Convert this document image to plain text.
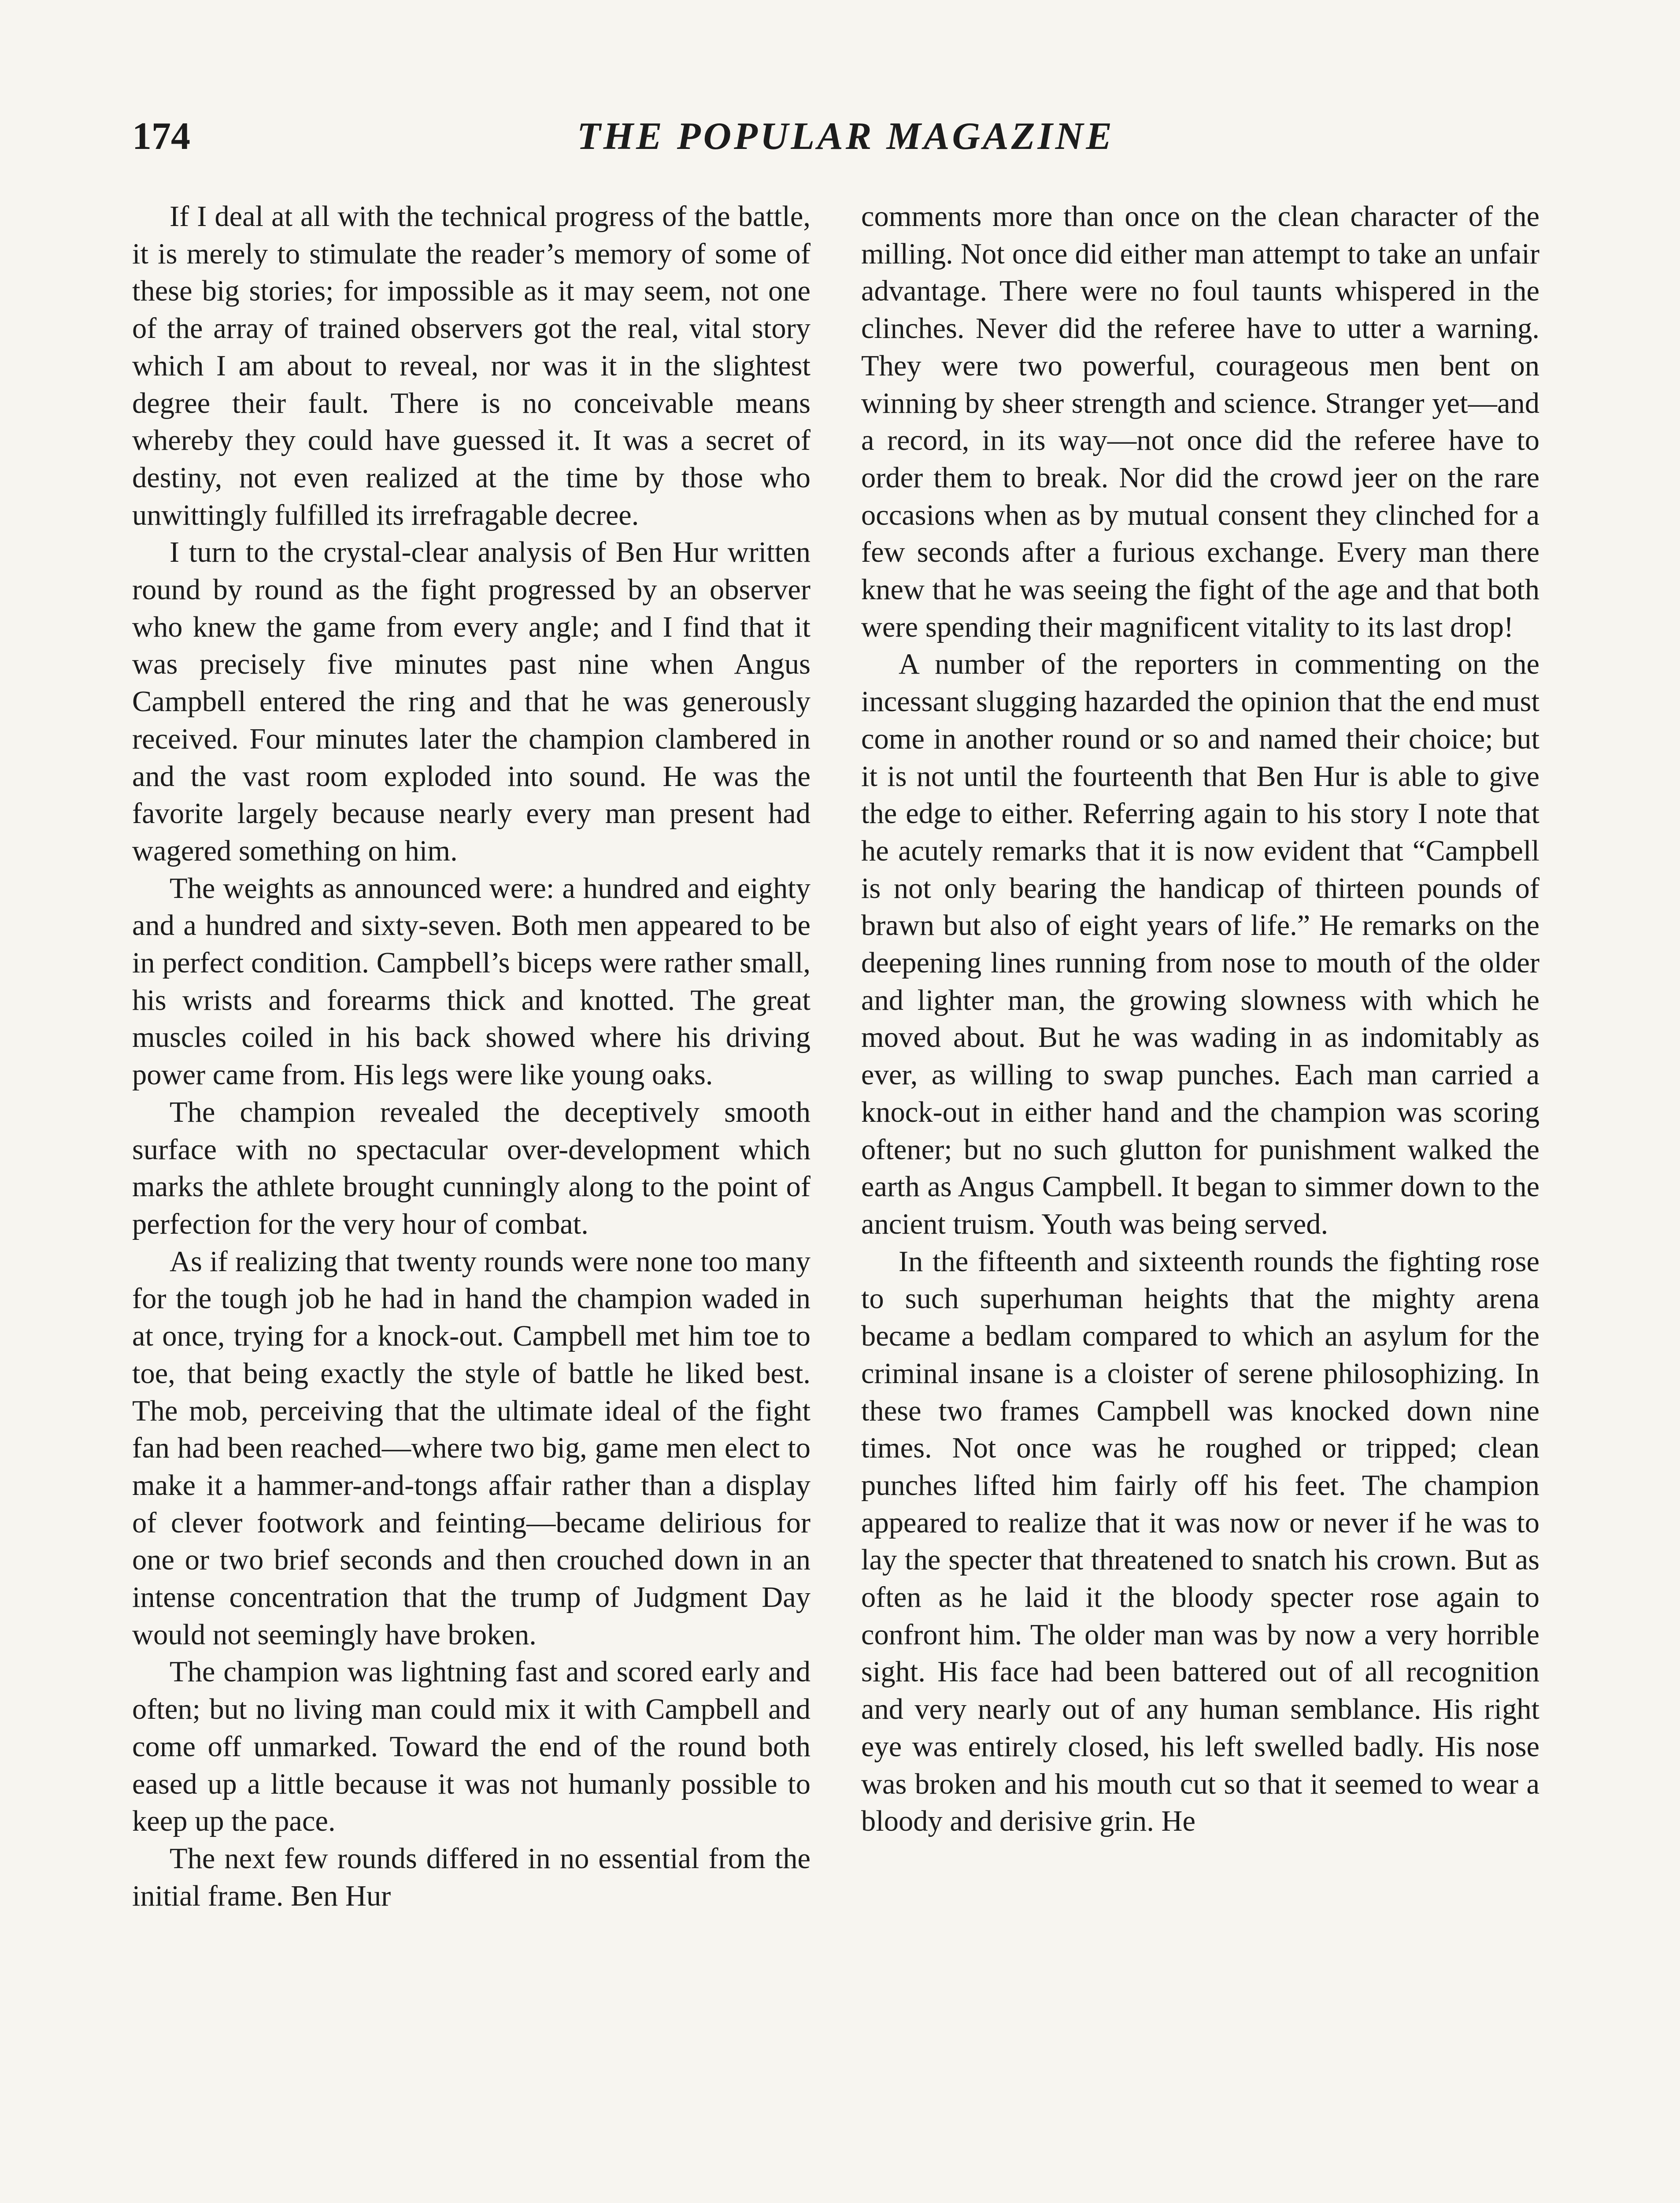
174	THE POPULAR MAGAZINE

If I deal at all with the technical progress of the battle, it is merely to stimulate the reader’s memory of some of these big stories; for impossible as it may seem, not one of the array of trained observers got the real, vital story which I am about to reveal, nor was it in the slightest degree their fault. There is no conceivable means whereby they could have guessed it. It was a secret of destiny, not even realized at the time by those who unwittingly fulfilled its irrefragable decree.

I turn to the crystal-clear analysis of Ben Hur written round by round as the fight progressed by an observer who knew the game from every angle; and I find that it was precisely five minutes past nine when Angus Campbell entered the ring and that he was generously received. Four minutes later the champion clambered in and the vast room exploded into sound. He was the favorite largely because nearly every man present had wagered something on him.

The weights as announced were: a hundred and eighty and a hundred and sixty-seven. Both men appeared to be in perfect condition. Campbell’s biceps were rather small, his wrists and forearms thick and knotted. The great muscles coiled in his back showed where his driving power came from. His legs were like young oaks.

The champion revealed the deceptively smooth surface with no spectacular over-development which marks the athlete brought cunningly along to the point of perfection for the very hour of combat.

As if realizing that twenty rounds were none too many for the tough job he had in hand the champion waded in at once, trying for a knock-out. Campbell met him toe to toe, that being exactly the style of battle he liked best. The mob, perceiving that the ultimate ideal of the fight fan had been reached—where two big, game men elect to make it a hammer-and-tongs affair rather than a display of clever footwork and feinting—became delirious for one or two brief seconds and then crouched down in an intense concentration that the trump of Judgment Day would not seemingly have broken.

The champion was lightning fast and scored early and often; but no living man could mix it with Campbell and come off unmarked. Toward the end of the round both eased up a little because it was not humanly possible to keep up the pace.

The next few rounds differed in no essential from the initial frame. Ben Hur

comments more than once on the clean character of the milling. Not once did either man attempt to take an unfair advantage. There were no foul taunts whispered in the clinches. Never did the referee have to utter a warning. They were two powerful, courageous men bent on winning by sheer strength and science. Stranger yet—and a record, in its way—not once did the referee have to order them to break. Nor did the crowd jeer on the rare occasions when as by mutual consent they clinched for a few seconds after a furious exchange. Every man there knew that he was seeing the fight of the age and that both were spending their magnificent vitality to its last drop!

A number of the reporters in commenting on the incessant slugging hazarded the opinion that the end must come in another round or so and named their choice; but it is not until the fourteenth that Ben Hur is able to give the edge to either. Referring again to his story I note that he acutely remarks that it is now evident that “Campbell is not only bearing the handicap of thirteen pounds of brawn but also of eight years of life.” He remarks on the deepening lines running from nose to mouth of the older and lighter man, the growing slowness with which he moved about. But he was wading in as indomitably as ever, as willing to swap punches. Each man carried a knock-out in either hand and the champion was scoring oftener; but no such glutton for punishment walked the earth as Angus Campbell. It began to simmer down to the ancient truism. Youth was being served.

In the fifteenth and sixteenth rounds the fighting rose to such superhuman heights that the mighty arena became a bedlam compared to which an asylum for the criminal insane is a cloister of serene philosophizing. In these two frames Campbell was knocked down nine times. Not once was he roughed or tripped; clean punches lifted him fairly off his feet. The champion appeared to realize that it was now or never if he was to lay the specter that threatened to snatch his crown. But as often as he laid it the bloody specter rose again to confront him. The older man was by now a very horrible sight. His face had been battered out of all recognition and very nearly out of any human semblance. His right eye was entirely closed, his left swelled badly. His nose was broken and his mouth cut so that it seemed to wear a bloody and derisive grin. He
